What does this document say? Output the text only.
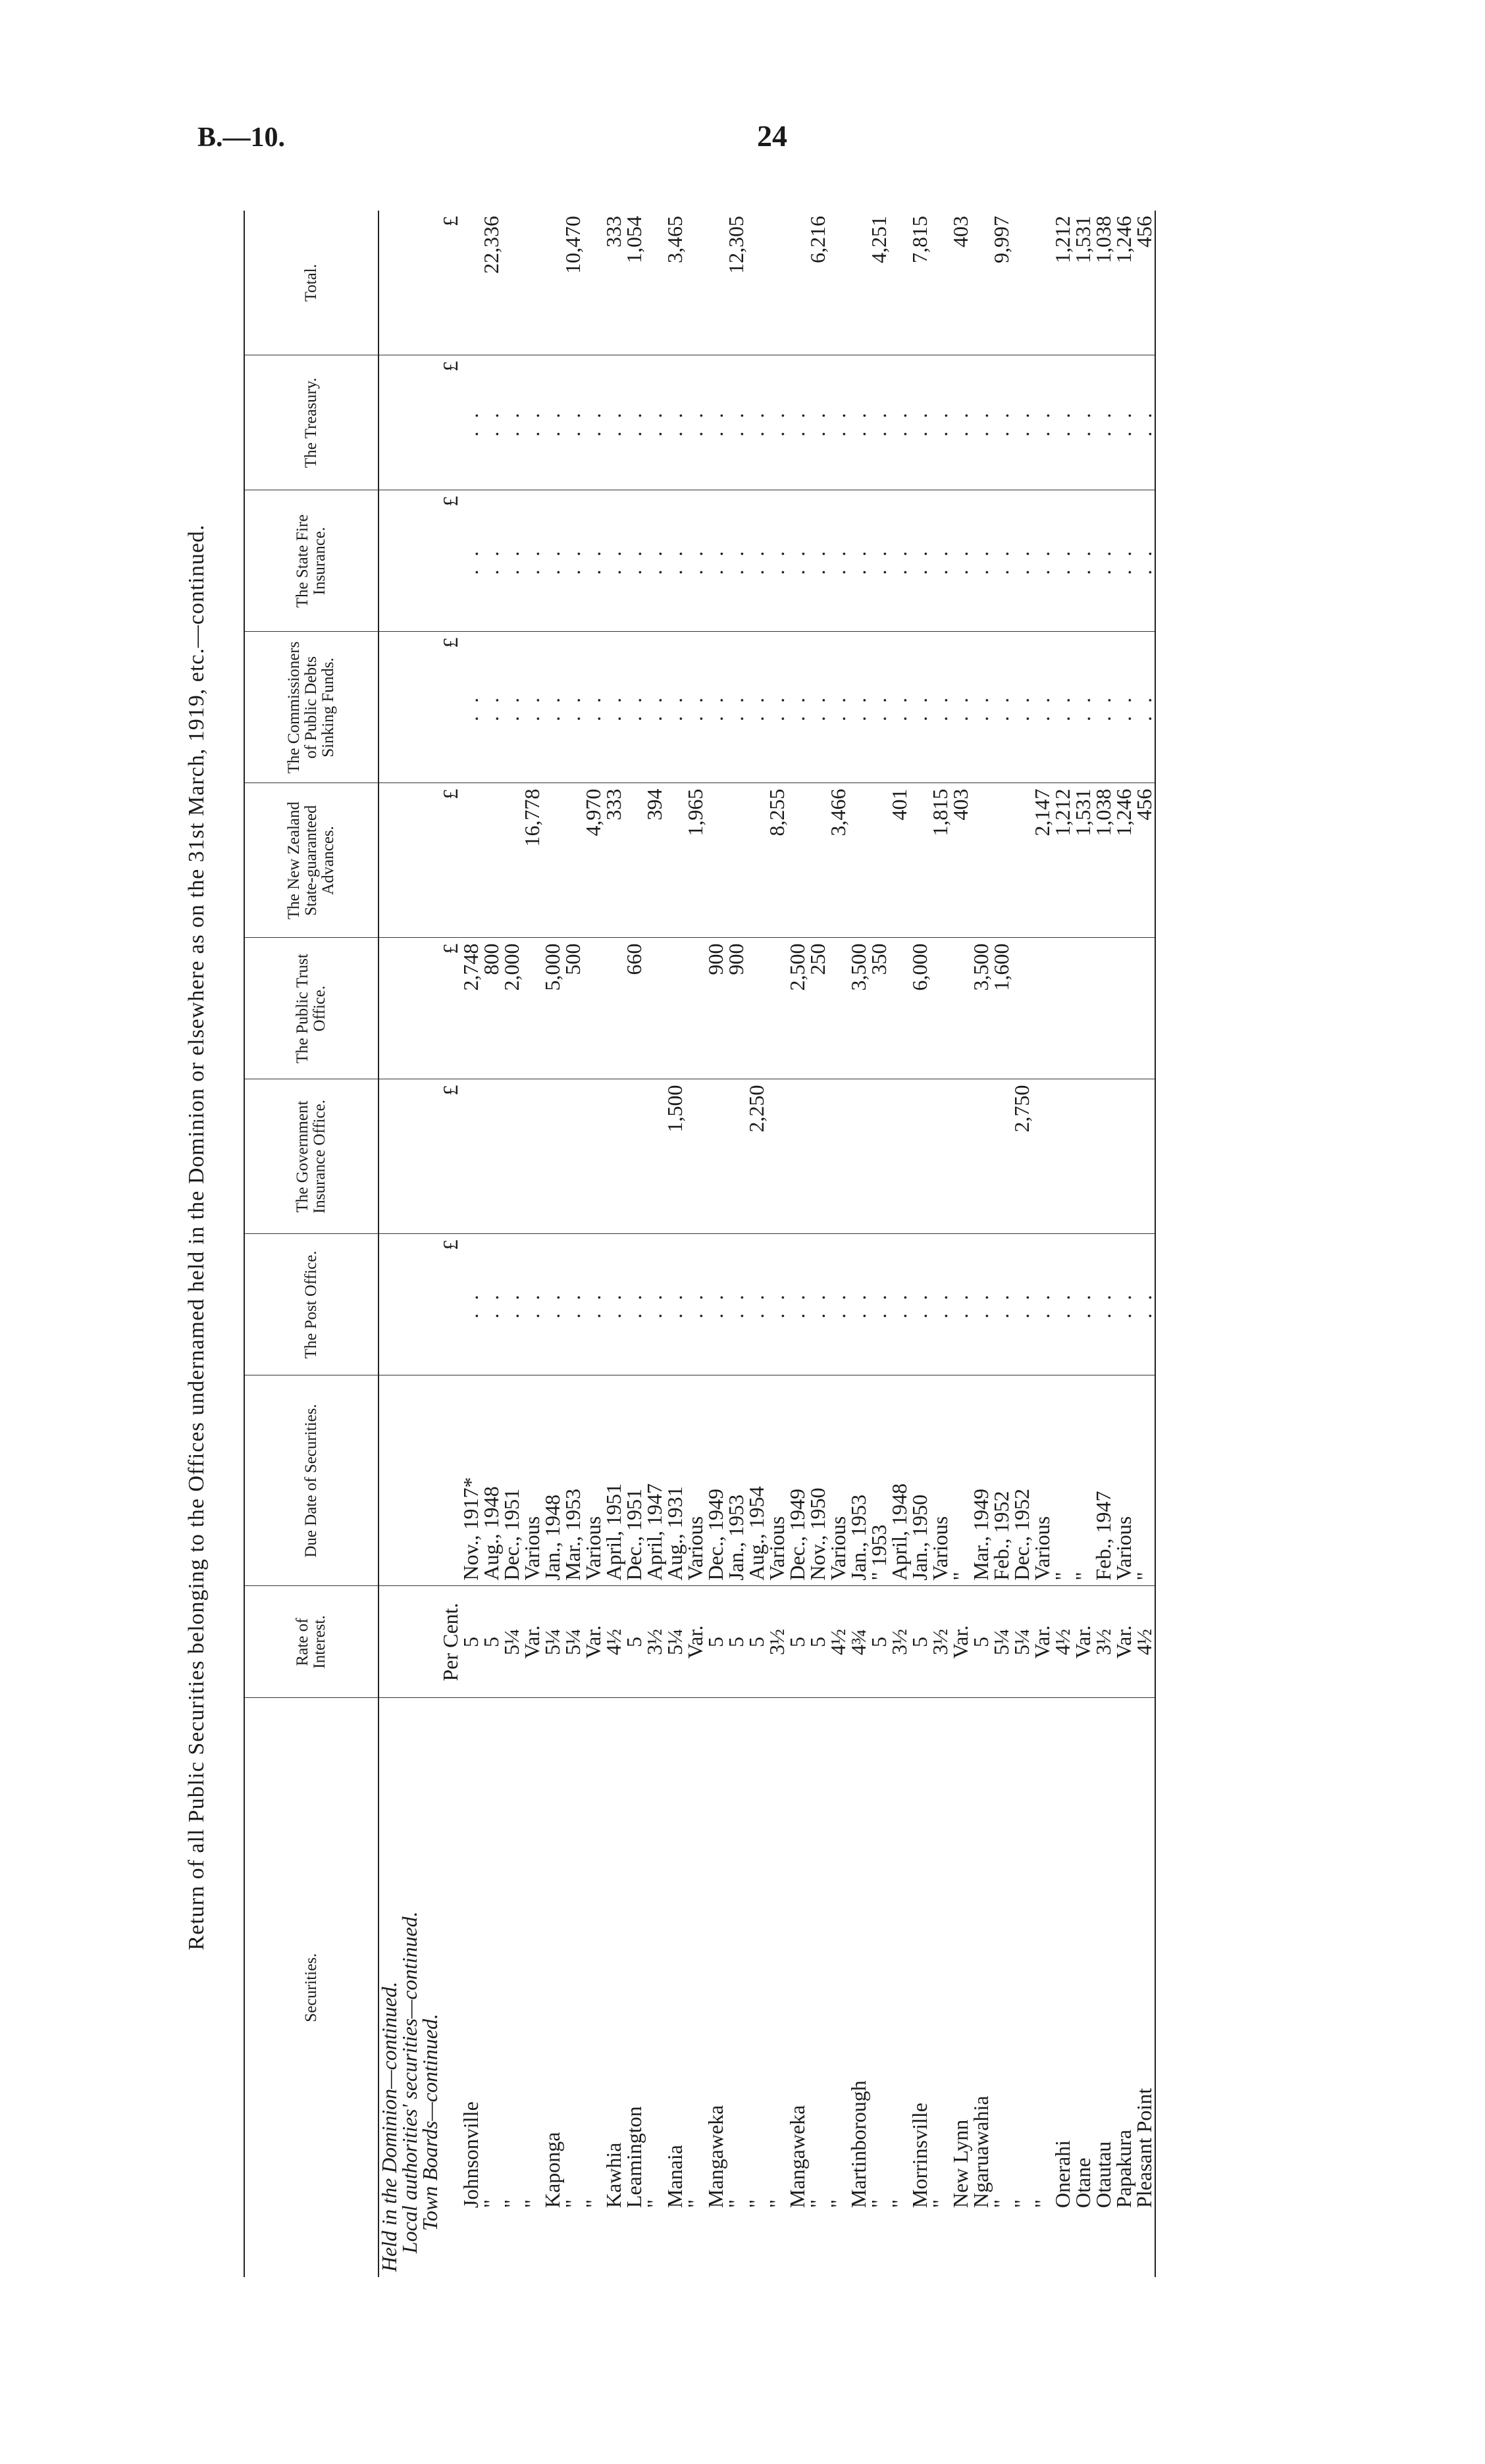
B.—10.	24
Return of all Public Securities belonging to the Offices undernamed held in the Dominion or elsewhere as on the 31st March, 1919, etc.—continued.
Securities.	Rate of Interest.	Due Date of Securities.	The Post Office.	The Government Insurance Office.	The Public Trust Office.	The New Zealand State-guaranteed Advances.	The Commissioners of Public Debts Sinking Funds.	The State Fire Insurance.	The Treasury.	Total.
Held in the Dominion—continued.										
Local authorities' securities—continued.										
Town Boards—continued.										
	Per Cent.		£	£	£	£	£	£	£	£
Johnsonville	5	Nov., 1917*	. .		2,748		. .	. .	. .	
"	5	Aug., 1948	. .		800		. .	. .	. .	22,336
"	5¼	Dec., 1951	. .		2,000		. .	. .	. .	
"	Var.	Various	. .			16,778	. .	. .	. .	
Kaponga	5¼	Jan., 1948	. .		5,000		. .	. .	. .	
"	5¼	Mar., 1953	. .		500		. .	. .	. .	10,470
"	Var.	Various	. .			4,970	. .	. .	. .	
Kawhia	4½	April, 1951	. .			333	. .	. .	. .	333
Leamington	5	Dec., 1951	. .		660		. .	. .	. .	1,054
"	3½	April, 1947	. .			394	. .	. .	. .	
Manaia	5¼	Aug., 1931	. .	1,500			. .	. .	. .	3,465
"	Var.	Various	. .			1,965	. .	. .	. .	
Mangaweka	5	Dec., 1949	. .		900		. .	. .	. .	
"	5	Jan., 1953	. .		900		. .	. .	. .	12,305
"	5	Aug., 1954	. .	2,250			. .	. .	. .	
"	3½	Various	. .			8,255	. .	. .	. .	
Mangaweka	5	Dec., 1949	. .		2,500		. .	. .	. .	
"	5	Nov., 1950	. .		250		. .	. .	. .	6,216
"	4½	Various	. .			3,466	. .	. .	. .	
Martinborough	4¾	Jan., 1953	. .		3,500		. .	. .	. .	
"	5	" 1953	. .		350		. .	. .	. .	4,251
"	3½	April, 1948	. .			401	. .	. .	. .	
Morrinsville	5	Jan., 1950	. .		6,000		. .	. .	. .	7,815
"	3½	Various	. .			1,815	. .	. .	. .	
New Lynn	Var.	"	. .			403	. .	. .	. .	403
Ngaruawahia	5	Mar., 1949	. .		3,500		. .	. .	. .	
"	5¼	Feb., 1952	. .		1,600		. .	. .	. .	9,997
"	5¼	Dec., 1952	. .	2,750			. .	. .	. .	
"	Var.	Various	. .			2,147	. .	. .	. .	
Onerahi	4½	"	. .			1,212	. .	. .	. .	1,212
Otane	Var.	"	. .			1,531	. .	. .	. .	1,531
Otautau	3½	Feb., 1947	. .			1,038	. .	. .	. .	1,038
Papakura	Var.	Various	. .			1,246	. .	. .	. .	1,246
Pleasant Point	4½	"	. .			456	. .	. .	. .	456
